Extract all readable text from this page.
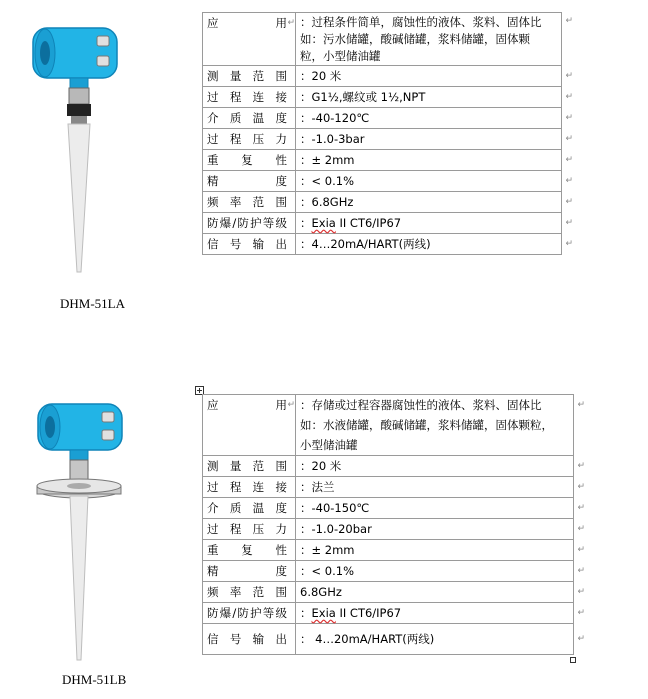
DHM-51LA
应用 ↵	：过程条件简单，腐蚀性的液体、浆料、固体比如：污水储罐，酸碱储罐，浆料储罐，固体颗粒，小型储油罐
↵

测量范围	：20 米 ↵

过程连接	：G1½,螺纹或 1½,NPT ↵

介质温度	：-40-120℃ ↵

过程压力	：-1.0-3bar ↵

重复性	：± 2mm ↵

精度	：< 0.1% ↵

频率范围	：6.8GHz ↵

防爆/防护等级	：Exia II CT6/IP67 ↵

信号输出	：4…20mA/HART(两线) ↵
DHM-51LB
应用 ↵	：存储或过程容器腐蚀性的液体、浆料、固体比如：水液储罐，酸碱储罐，浆料储罐，固体颗粒，小型储油罐
↵

测量范围	：20 米 ↵

过程连接	：法兰 ↵

介质温度	：-40-150℃ ↵

过程压力	：-1.0-20bar ↵

重复性	：± 2mm ↵

精度	：< 0.1% ↵

频率范围	6.8GHz ↵

防爆/防护等级	：Exia II CT6/IP67 ↵

信号输出	： 4…20mA/HART(两线) ↵
